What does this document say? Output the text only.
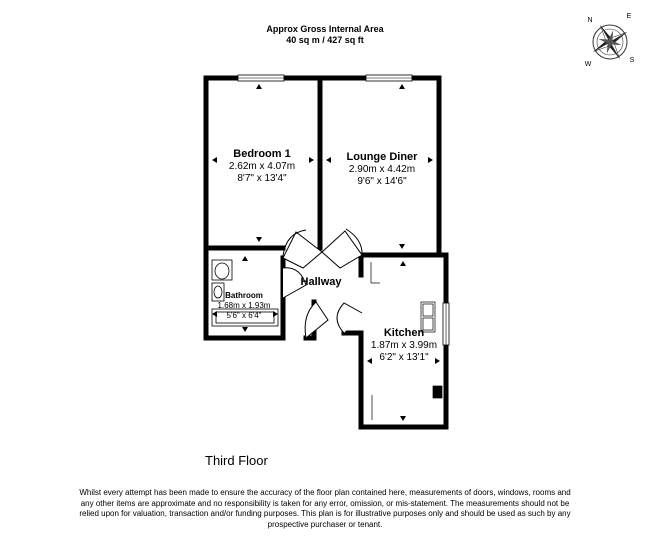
Approx Gross Internal Area
40 sq m / 427 sq ft
N
E
S
W
Bedroom 1
2.62m x 4.07m
8'7" x 13'4"
Lounge Diner
2.90m x 4.42m
9'6" x 14'6"
Bathroom
1.68m x 1.93m
5'6" x 6'4"
Hallway
Kitchen
1.87m x 3.99m
6'2" x 13'1"
Third Floor
Whilst every attempt has been made to ensure the accuracy of the floor plan contained here, measurements of doors, windows, rooms and any other items are approximate and no responsibility is taken for any error, omission, or mis-statement. The measurements should not be relied upon for valuation, transaction and/or funding purposes. This plan is for illustrative purposes only and should be used as such by any prospective purchaser or tenant.
